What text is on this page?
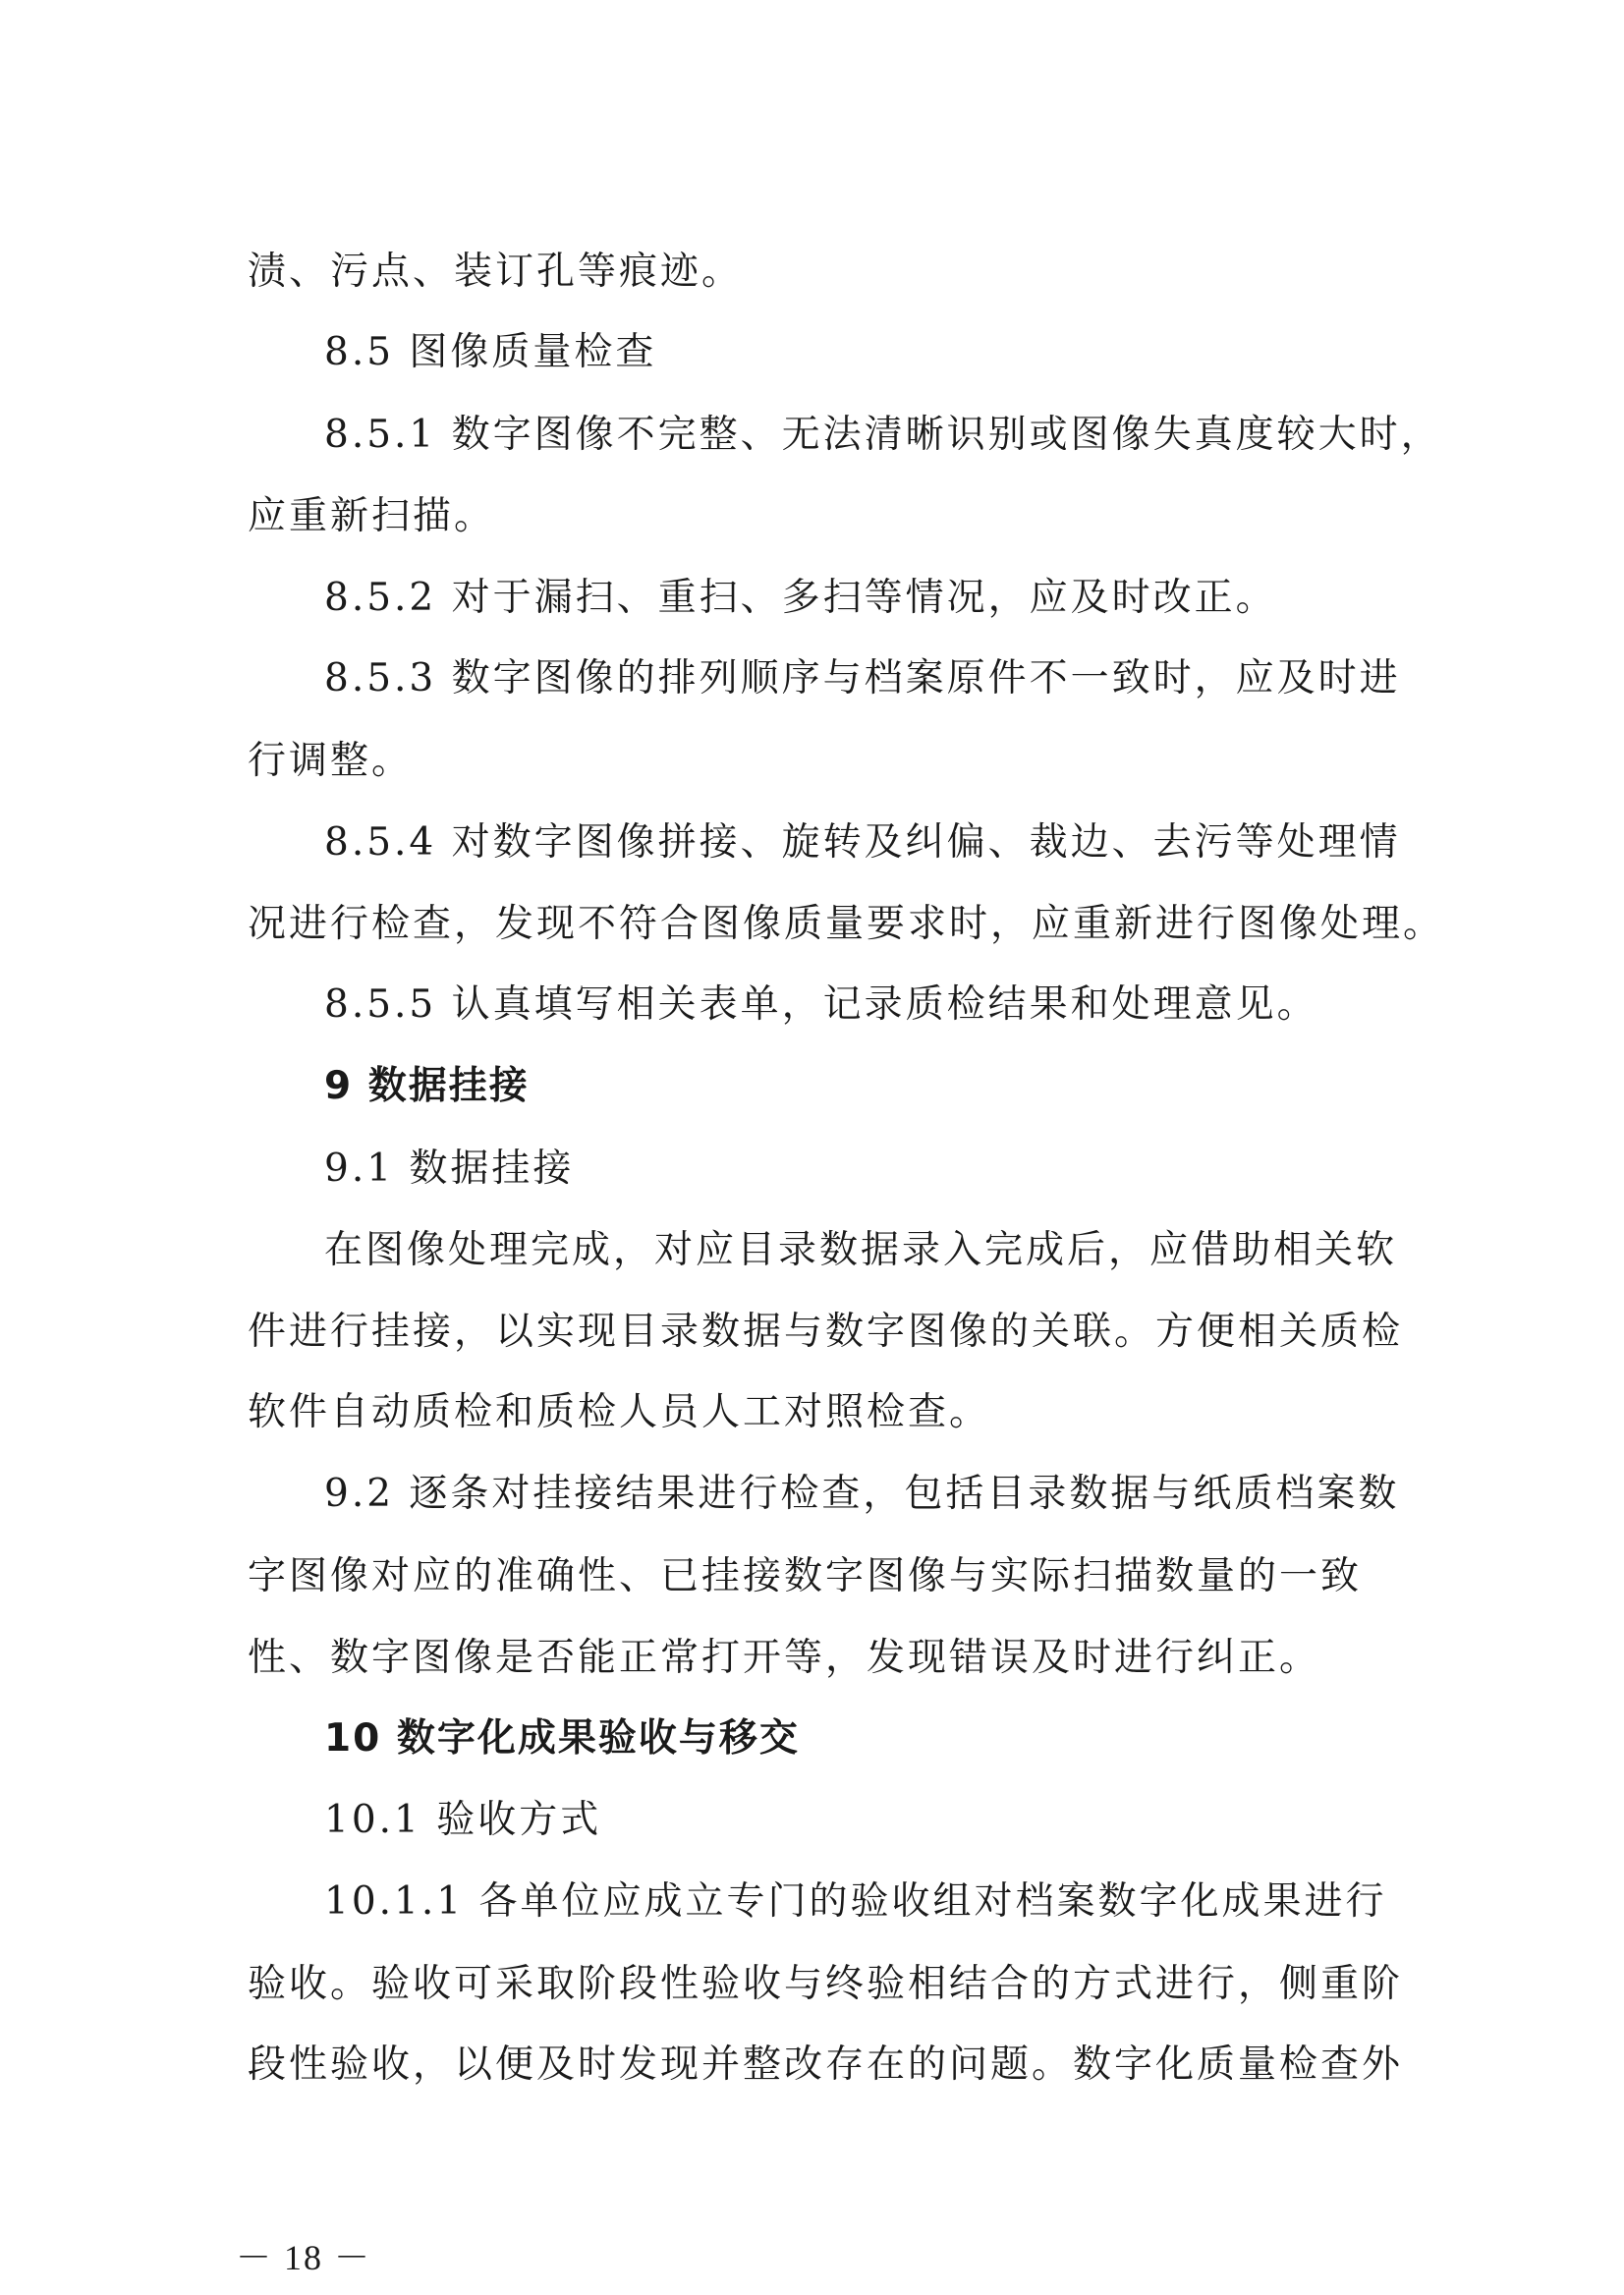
渍、污点、装订孔等痕迹。
8.5 图像质量检查
8.5.1 数字图像不完整、无法清晰识别或图像失真度较大时，
应重新扫描。
8.5.2 对于漏扫、重扫、多扫等情况，应及时改正。
8.5.3 数字图像的排列顺序与档案原件不一致时，应及时进
行调整。
8.5.4 对数字图像拼接、旋转及纠偏、裁边、去污等处理情
况进行检查，发现不符合图像质量要求时，应重新进行图像处理。
8.5.5 认真填写相关表单，记录质检结果和处理意见。
9 数据挂接
9.1 数据挂接
在图像处理完成，对应目录数据录入完成后，应借助相关软
件进行挂接，以实现目录数据与数字图像的关联。方便相关质检
软件自动质检和质检人员人工对照检查。
9.2 逐条对挂接结果进行检查，包括目录数据与纸质档案数
字图像对应的准确性、已挂接数字图像与实际扫描数量的一致
性、数字图像是否能正常打开等，发现错误及时进行纠正。
10 数字化成果验收与移交
10.1 验收方式
10.1.1 各单位应成立专门的验收组对档案数字化成果进行
验收。验收可采取阶段性验收与终验相结合的方式进行，侧重阶
段性验收，以便及时发现并整改存在的问题。数字化质量检查外
－ 18 －
